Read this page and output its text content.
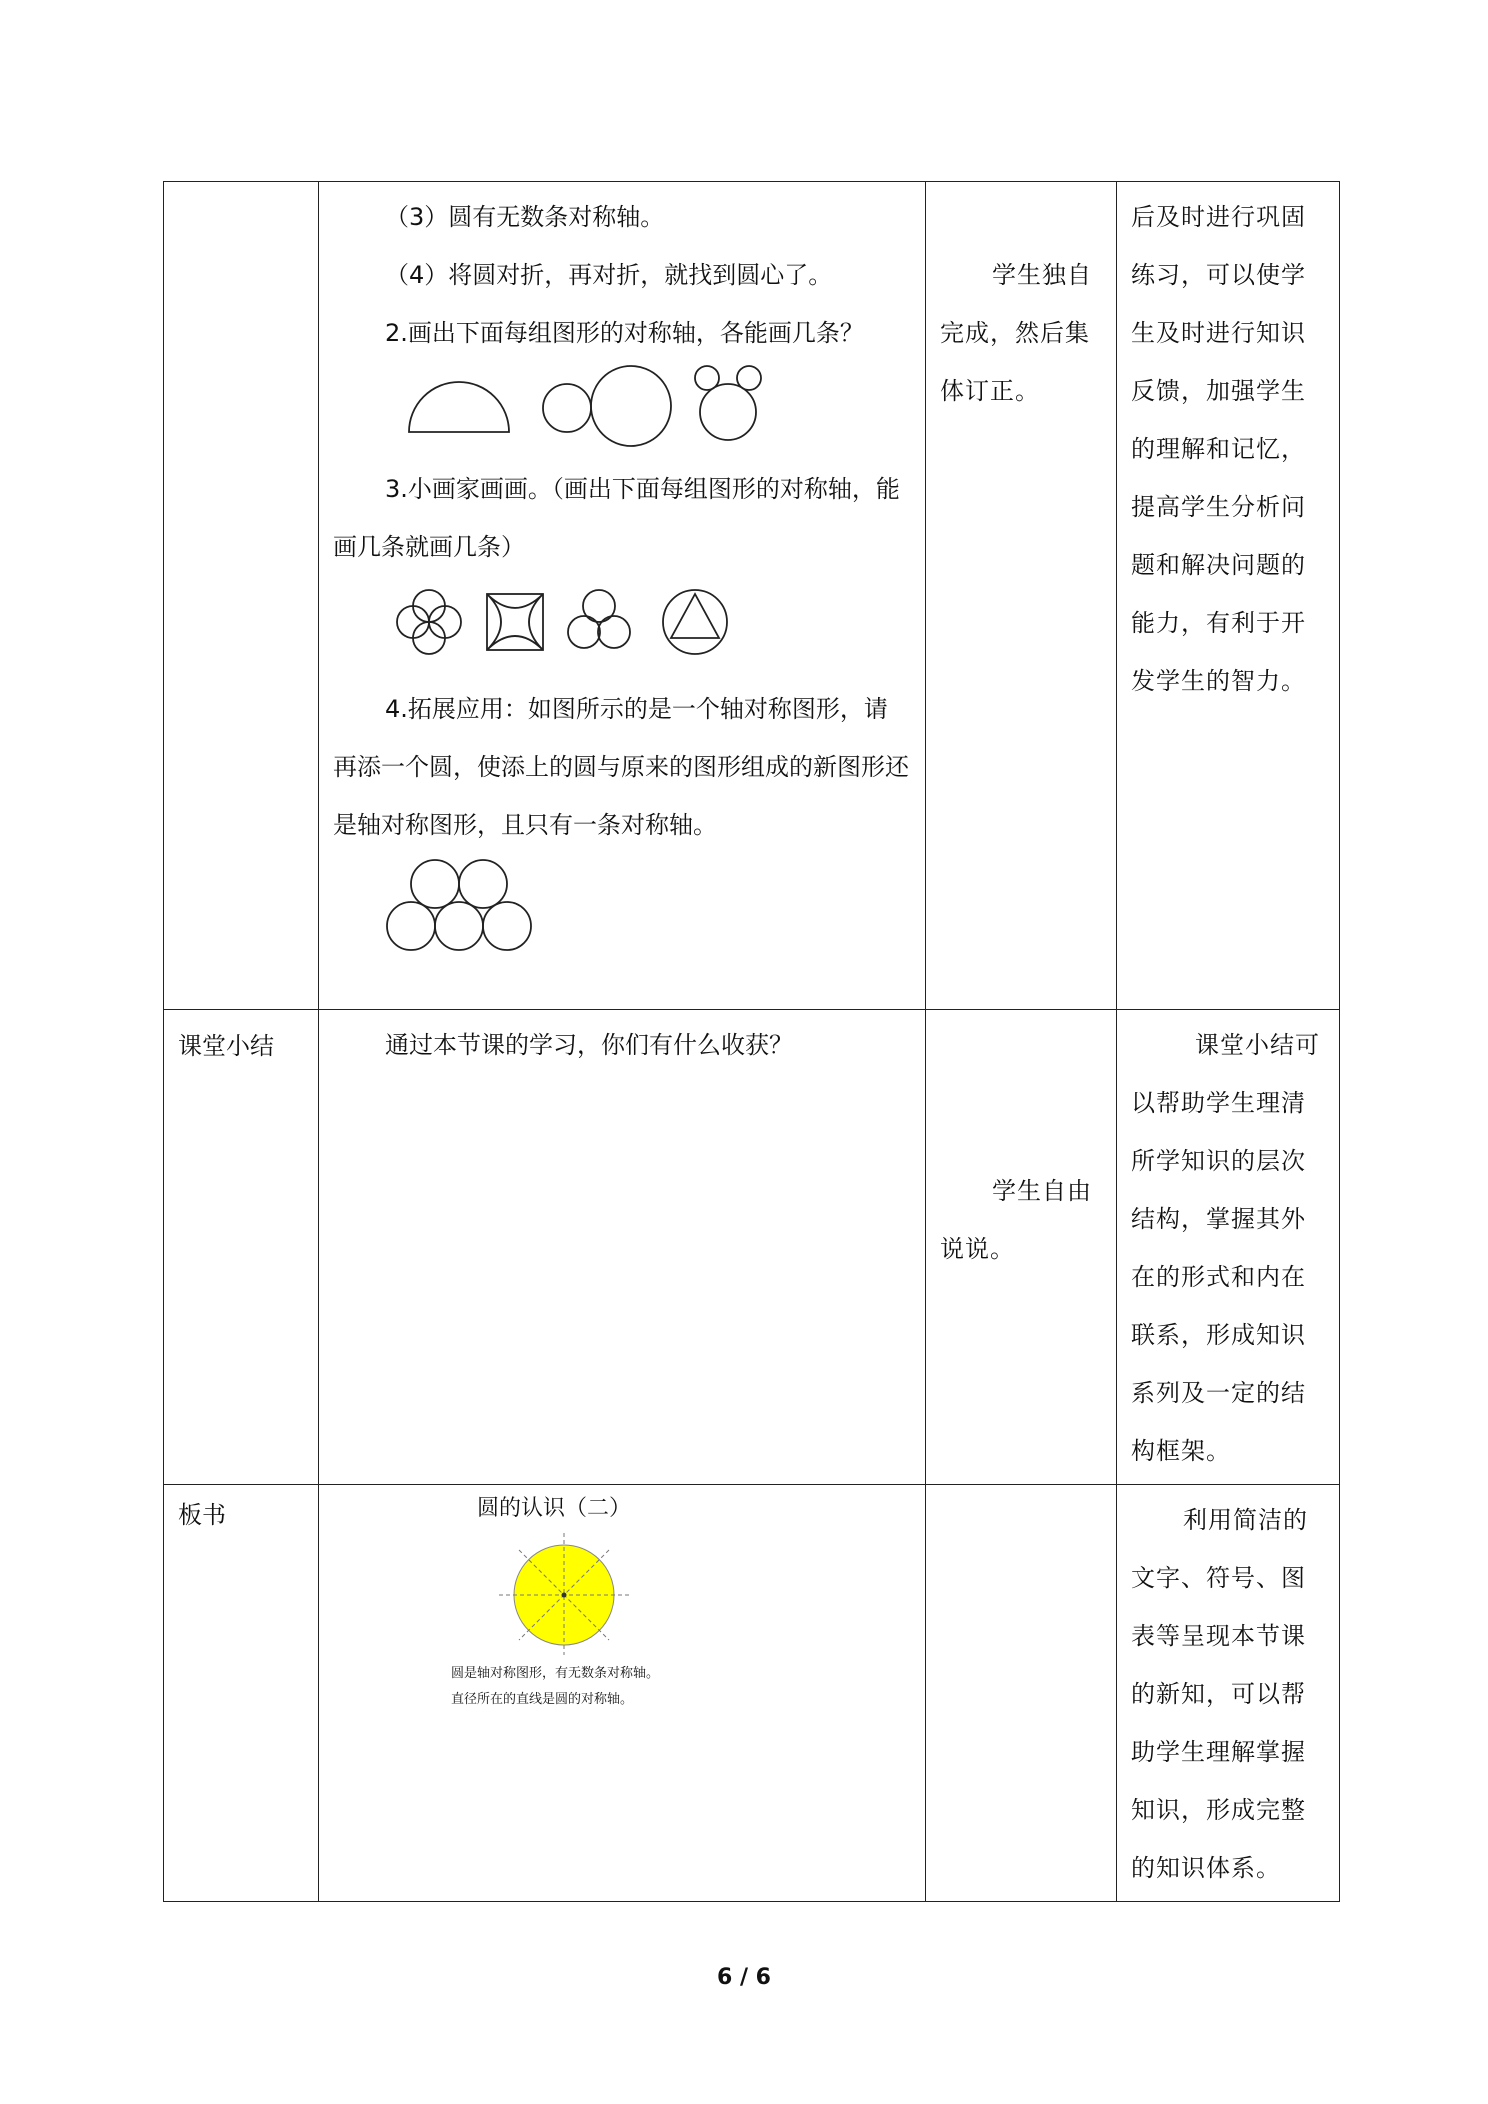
	（3）圆有无数条对称轴。

（4）将圆对折，再对折，就找到圆心了。

2.画出下面每组图形的对称轴，各能画几条？

3.小画家画画。（画出下面每组图形的对称轴，能画几条就画几条）

4.拓展应用：如图所示的是一个轴对称图形，请再添一个圆，使添上的圆与原来的图形组成的新图形还是轴对称图形，且只有一条对称轴。	学生独自完成，然后集体订正。	后及时进行巩固练习，可以使学生及时进行知识反馈，加强学生的理解和记忆，提高学生分析问题和解决问题的能力，有利于开发学生的智力。

课堂小结	通过本节课的学习，你们有什么收获？	学生自由说说。	课堂小结可以帮助学生理清所学知识的层次结构，掌握其外在的形式和内在联系，形成知识系列及一定的结构框架。

板书	圆的认识（二）
圆是轴对称图形，有无数条对称轴。
直径所在的直线是圆的对称轴。		利用简洁的文字、符号、图表等呈现本节课的新知，可以帮助学生理解掌握知识，形成完整的知识体系。

6 / 6
